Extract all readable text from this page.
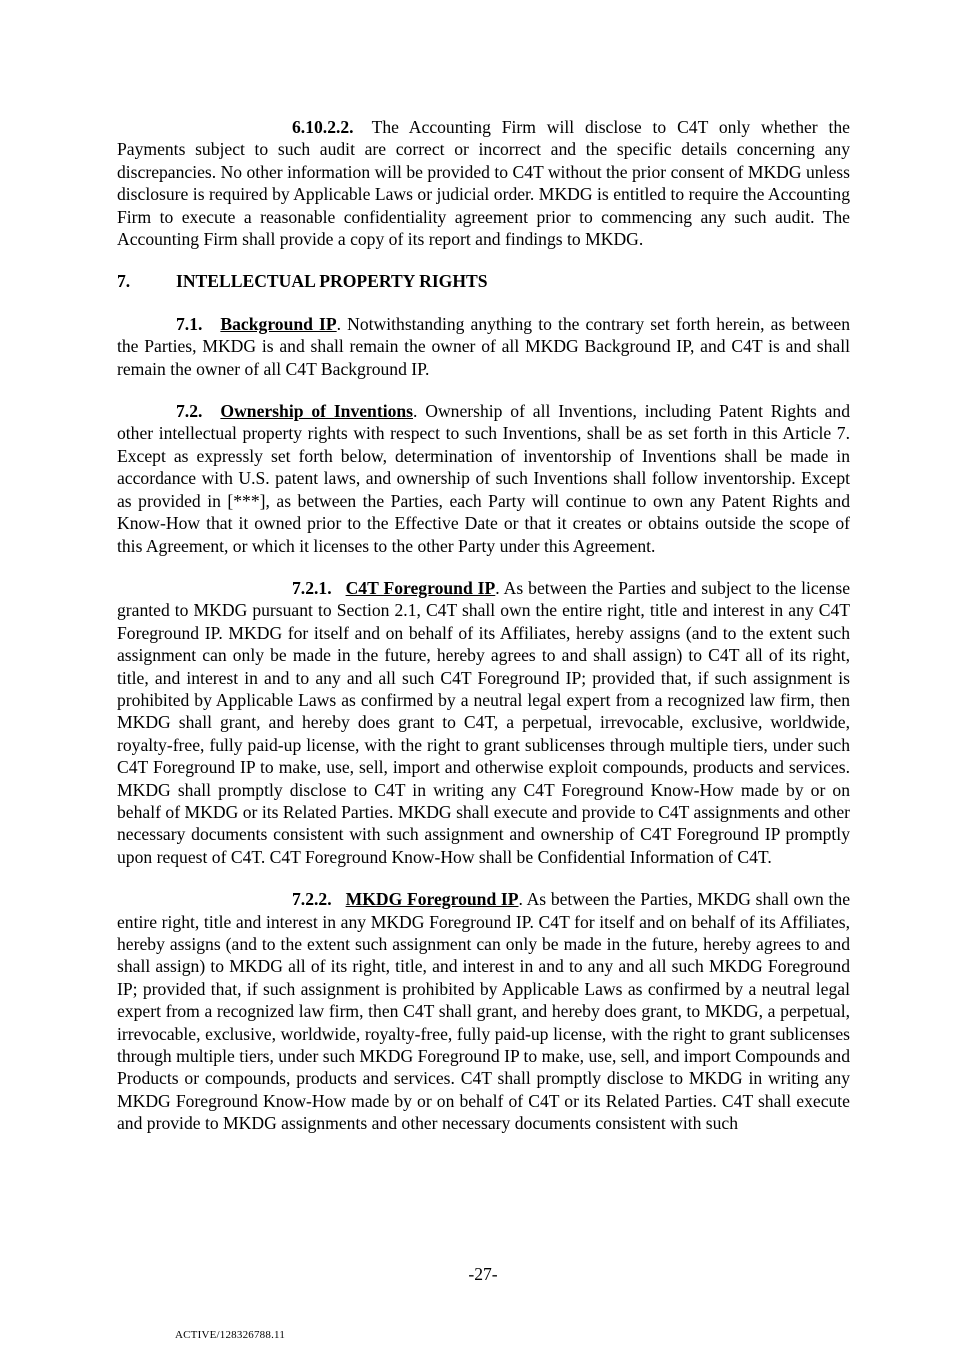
6.10.2.2. The Accounting Firm will disclose to C4T only whether the Payments subject to such audit are correct or incorrect and the specific details concerning any discrepancies. No other information will be provided to C4T without the prior consent of MKDG unless disclosure is required by Applicable Laws or judicial order. MKDG is entitled to require the Accounting Firm to execute a reasonable confidentiality agreement prior to commencing any such audit. The Accounting Firm shall provide a copy of its report and findings to MKDG.

7.	INTELLECTUAL PROPERTY RIGHTS

7.1. Background IP. Notwithstanding anything to the contrary set forth herein, as between the Parties, MKDG is and shall remain the owner of all MKDG Background IP, and C4T is and shall remain the owner of all C4T Background IP.

7.2. Ownership of Inventions. Ownership of all Inventions, including Patent Rights and other intellectual property rights with respect to such Inventions, shall be as set forth in this Article 7. Except as expressly set forth below, determination of inventorship of Inventions shall be made in accordance with U.S. patent laws, and ownership of such Inventions shall follow inventorship. Except as provided in [***], as between the Parties, each Party will continue to own any Patent Rights and Know-How that it owned prior to the Effective Date or that it creates or obtains outside the scope of this Agreement, or which it licenses to the other Party under this Agreement.

7.2.1. C4T Foreground IP. As between the Parties and subject to the license granted to MKDG pursuant to Section 2.1, C4T shall own the entire right, title and interest in any C4T Foreground IP. MKDG for itself and on behalf of its Affiliates, hereby assigns (and to the extent such assignment can only be made in the future, hereby agrees to and shall assign) to C4T all of its right, title, and interest in and to any and all such C4T Foreground IP; provided that, if such assignment is prohibited by Applicable Laws as confirmed by a neutral legal expert from a recognized law firm, then MKDG shall grant, and hereby does grant to C4T, a perpetual, irrevocable, exclusive, worldwide, royalty-free, fully paid-up license, with the right to grant sublicenses through multiple tiers, under such C4T Foreground IP to make, use, sell, import and otherwise exploit compounds, products and services. MKDG shall promptly disclose to C4T in writing any C4T Foreground Know-How made by or on behalf of MKDG or its Related Parties. MKDG shall execute and provide to C4T assignments and other necessary documents consistent with such assignment and ownership of C4T Foreground IP promptly upon request of C4T. C4T Foreground Know-How shall be Confidential Information of C4T.

7.2.2. MKDG Foreground IP. As between the Parties, MKDG shall own the entire right, title and interest in any MKDG Foreground IP. C4T for itself and on behalf of its Affiliates, hereby assigns (and to the extent such assignment can only be made in the future, hereby agrees to and shall assign) to MKDG all of its right, title, and interest in and to any and all such MKDG Foreground IP; provided that, if such assignment is prohibited by Applicable Laws as confirmed by a neutral legal expert from a recognized law firm, then C4T shall grant, and hereby does grant, to MKDG, a perpetual, irrevocable, exclusive, worldwide, royalty-free, fully paid-up license, with the right to grant sublicenses through multiple tiers, under such MKDG Foreground IP to make, use, sell, and import Compounds and Products or compounds, products and services. C4T shall promptly disclose to MKDG in writing any MKDG Foreground Know-How made by or on behalf of C4T or its Related Parties. C4T shall execute and provide to MKDG assignments and other necessary documents consistent with such

-27-
ACTIVE/128326788.11
